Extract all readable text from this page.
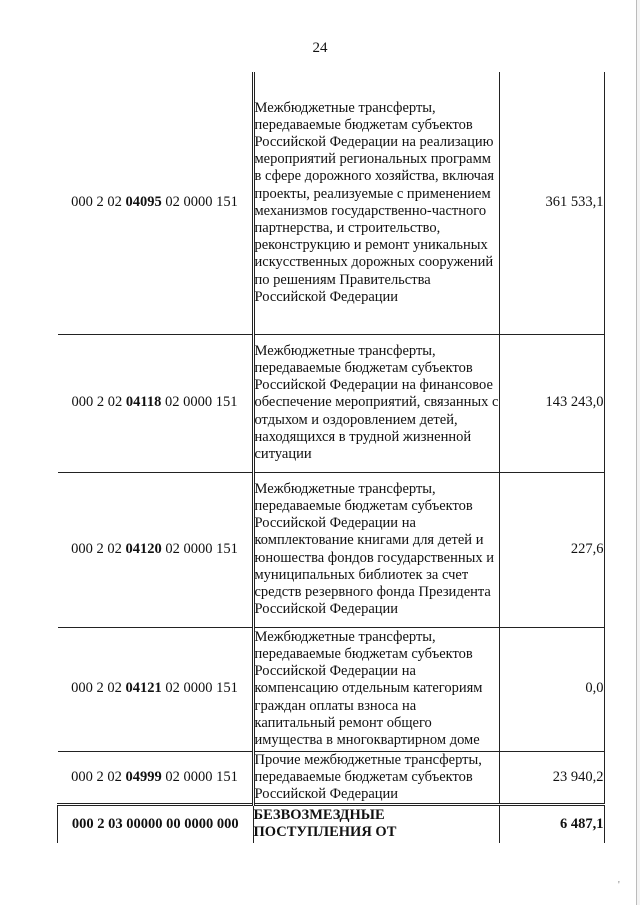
24
000 2 02 04095 02 0000 151	Межбюджетные трансферты, передаваемые бюджетам субъектов Российской Федерации на реализацию мероприятий региональных программ в сфере дорожного хозяйства, включая проекты, реализуемые с применением механизмов государственно-частного партнерства, и строительство, реконструкцию и ремонт уникальных искусственных дорожных сооружений по решениям Правительства Российской Федерации	361 533,1
000 2 02 04118 02 0000 151	Межбюджетные трансферты, передаваемые бюджетам субъектов Российской Федерации на финансовое обеспечение мероприятий, связанных с отдыхом и оздоровлением детей, находящихся в трудной жизненной ситуации	143 243,0
000 2 02 04120 02 0000 151	Межбюджетные трансферты, передаваемые бюджетам субъектов Российской Федерации на комплектование книгами для детей и юношества фондов государственных и муниципальных библиотек за счет средств резервного фонда Президента Российской Федерации	227,6
000 2 02 04121 02 0000 151	Межбюджетные трансферты, передаваемые бюджетам субъектов Российской Федерации на компенсацию отдельным категориям граждан оплаты взноса на капитальный ремонт общего имущества в многоквартирном доме	0,0
000 2 02 04999 02 0000 151	Прочие межбюджетные трансферты, передаваемые бюджетам субъектов Российской Федерации	23 940,2
000 2 03 00000 00 0000 000	БЕЗВОЗМЕЗДНЫЕ ПОСТУПЛЕНИЯ ОТ	6 487,1
'
